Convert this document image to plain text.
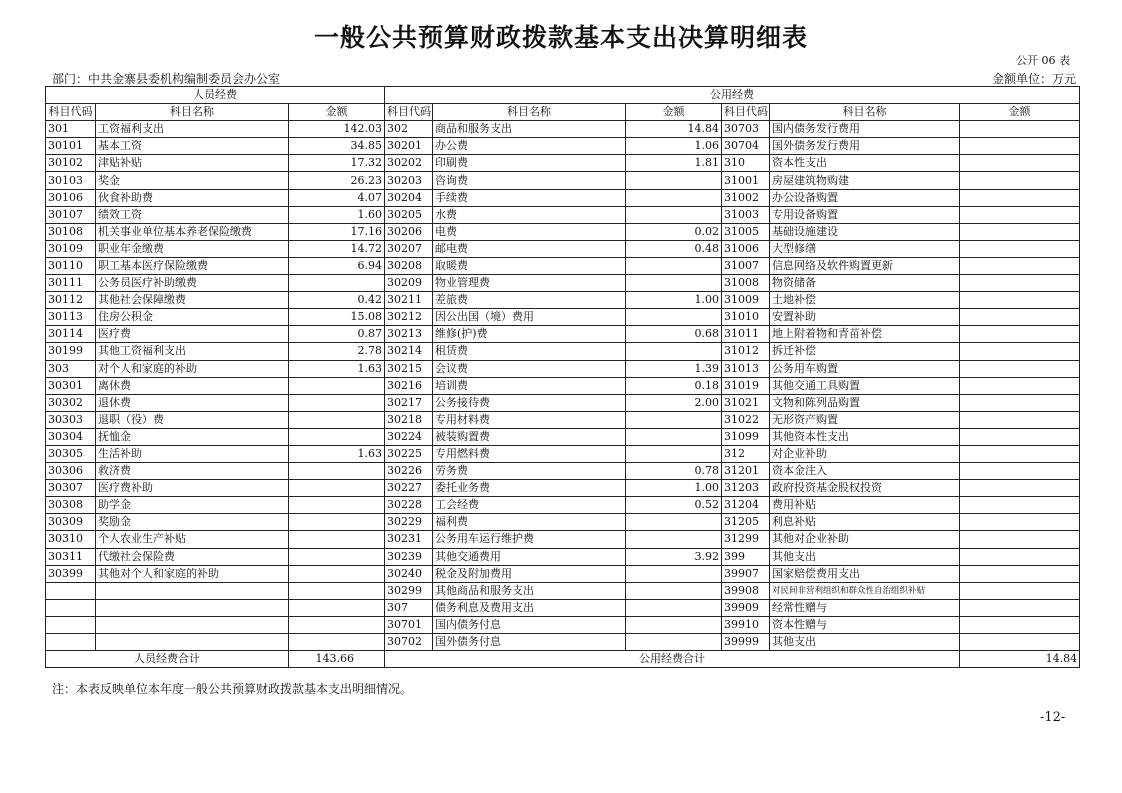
一般公共预算财政拨款基本支出决算明细表
公开 06 表
部门：中共金寨县委机构编制委员会办公室	金额单位：万元
人员经费			公用经费					
科目代码	科目名称	金额	科目代码	科目名称	金额	科目代码	科目名称	金额
301	工资福利支出	142.03	302	商品和服务支出	14.84	30703	国内债务发行费用	
30101	基本工资	34.85	30201	办公费	1.06	30704	国外债务发行费用	
30102	津贴补贴	17.32	30202	印刷费	1.81	310	资本性支出	
30103	奖金	26.23	30203	咨询费		31001	房屋建筑物购建	
30106	伙食补助费	4.07	30204	手续费		31002	办公设备购置	
30107	绩效工资	1.60	30205	水费		31003	专用设备购置	
30108	机关事业单位基本养老保险缴费	17.16	30206	电费	0.02	31005	基础设施建设	
30109	职业年金缴费	14.72	30207	邮电费	0.48	31006	大型修缮	
30110	职工基本医疗保险缴费	6.94	30208	取暖费		31007	信息网络及软件购置更新	
30111	公务员医疗补助缴费		30209	物业管理费		31008	物资储备	
30112	其他社会保障缴费	0.42	30211	差旅费	1.00	31009	土地补偿	
30113	住房公积金	15.08	30212	因公出国（境）费用		31010	安置补助	
30114	医疗费	0.87	30213	维修(护)费	0.68	31011	地上附着物和青苗补偿	
30199	其他工资福利支出	2.78	30214	租赁费		31012	拆迁补偿	
303	对个人和家庭的补助	1.63	30215	会议费	1.39	31013	公务用车购置	
30301	离休费		30216	培训费	0.18	31019	其他交通工具购置	
30302	退休费		30217	公务接待费	2.00	31021	文物和陈列品购置	
30303	退职（役）费		30218	专用材料费		31022	无形资产购置	
30304	抚恤金		30224	被装购置费		31099	其他资本性支出	
30305	生活补助	1.63	30225	专用燃料费		312	对企业补助	
30306	救济费		30226	劳务费	0.78	31201	资本金注入	
30307	医疗费补助		30227	委托业务费	1.00	31203	政府投资基金股权投资	
30308	助学金		30228	工会经费	0.52	31204	费用补贴	
30309	奖励金		30229	福利费		31205	利息补贴	
30310	个人农业生产补贴		30231	公务用车运行维护费		31299	其他对企业补助	
30311	代缴社会保险费		30239	其他交通费用	3.92	399	其他支出	
30399	其他对个人和家庭的补助		30240	税金及附加费用		39907	国家赔偿费用支出	
			30299	其他商品和服务支出		39908	对民间非营利组织和群众性自治组织补贴	
			307	债务利息及费用支出		39909	经常性赠与	
			30701	国内债务付息		39910	资本性赠与	
			30702	国外债务付息		39999	其他支出	
人员经费合计		143.66	公用经费合计					14.84
注：本表反映单位本年度一般公共预算财政拨款基本支出明细情况。
-12-
